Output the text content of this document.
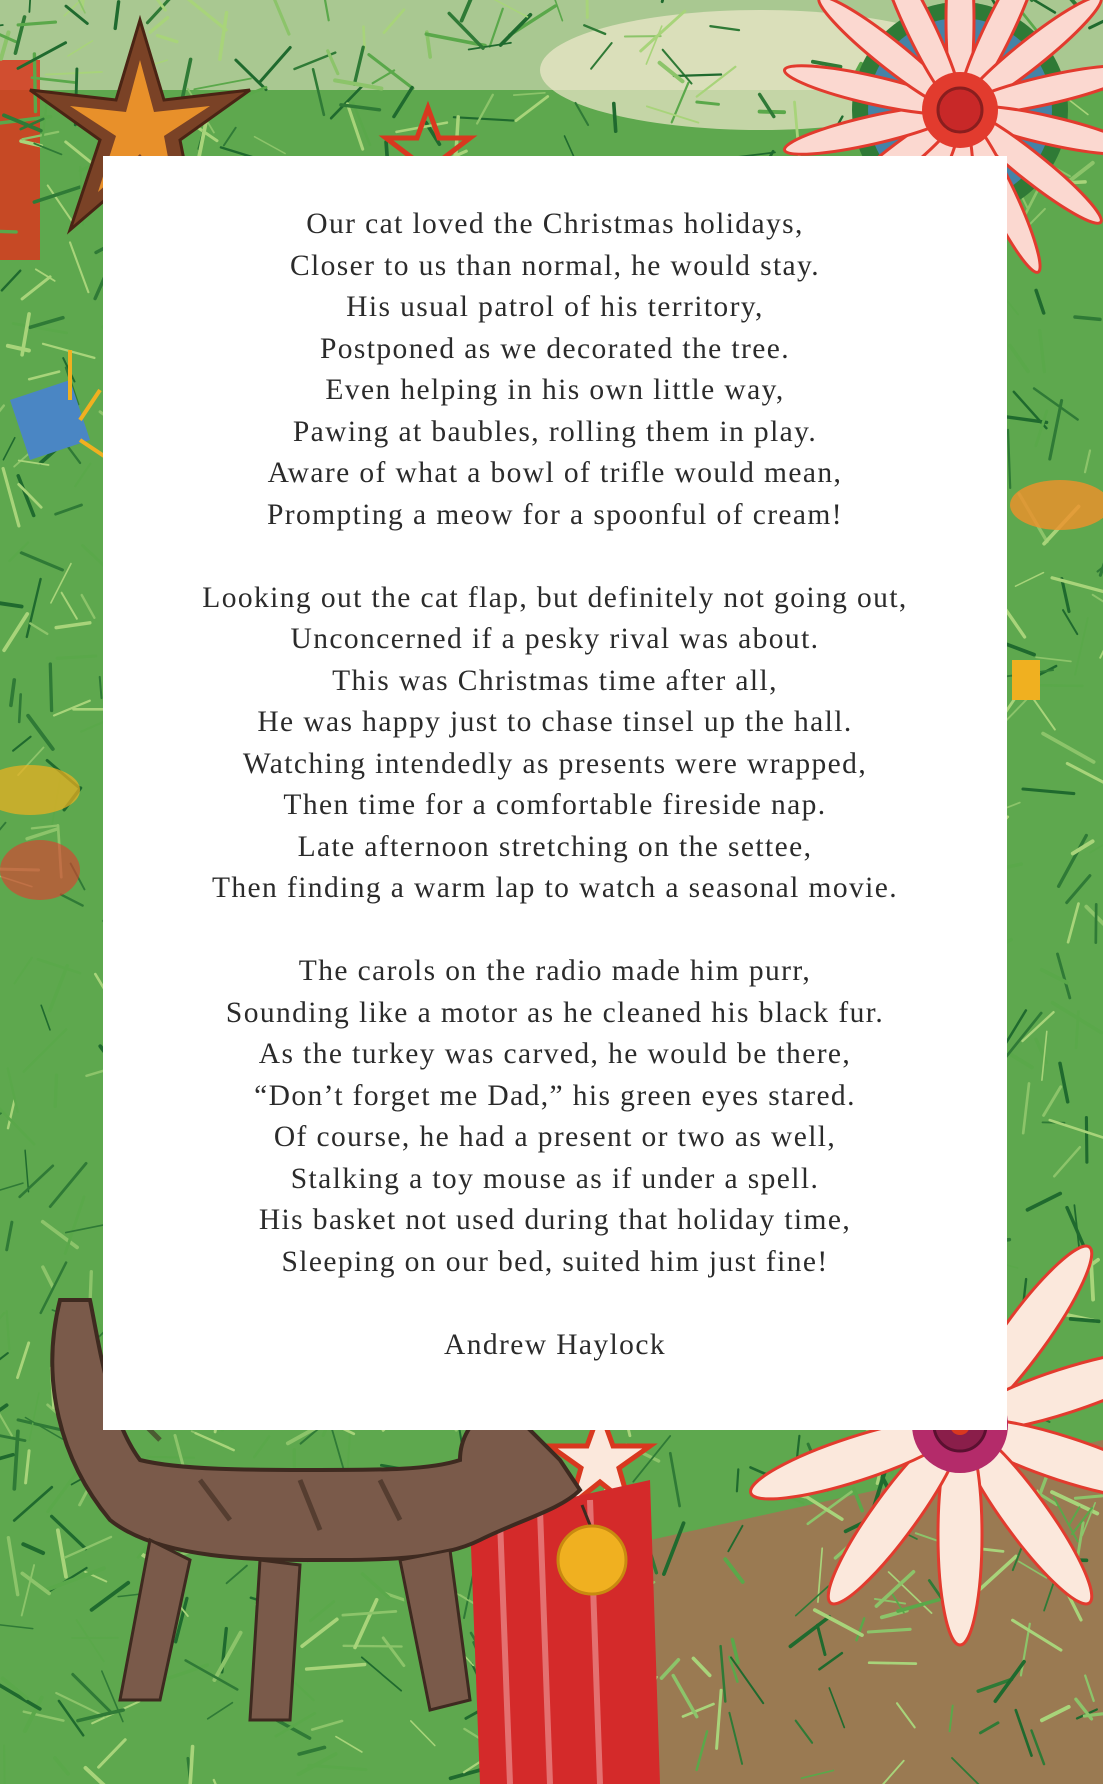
Our cat loved the Christmas holidays,
Closer to us than normal, he would stay.
His usual patrol of his territory,
Postponed as we decorated the tree.
Even helping in his own little way,
Pawing at baubles, rolling them in play.
Aware of what a bowl of trifle would mean,
Prompting a meow for a spoonful of cream!
Looking out the cat flap, but definitely not going out,
Unconcerned if a pesky rival was about.
This was Christmas time after all,
He was happy just to chase tinsel up the hall.
Watching intendedly as presents were wrapped,
Then time for a comfortable fireside nap.
Late afternoon stretching on the settee,
Then finding a warm lap to watch a seasonal movie.
The carols on the radio made him purr,
Sounding like a motor as he cleaned his black fur.
As the turkey was carved, he would be there,
“Don’t forget me Dad,” his green eyes stared.
Of course, he had a present or two as well,
Stalking a toy mouse as if under a spell.
His basket not used during that holiday time,
Sleeping on our bed, suited him just fine!
Andrew Haylock
